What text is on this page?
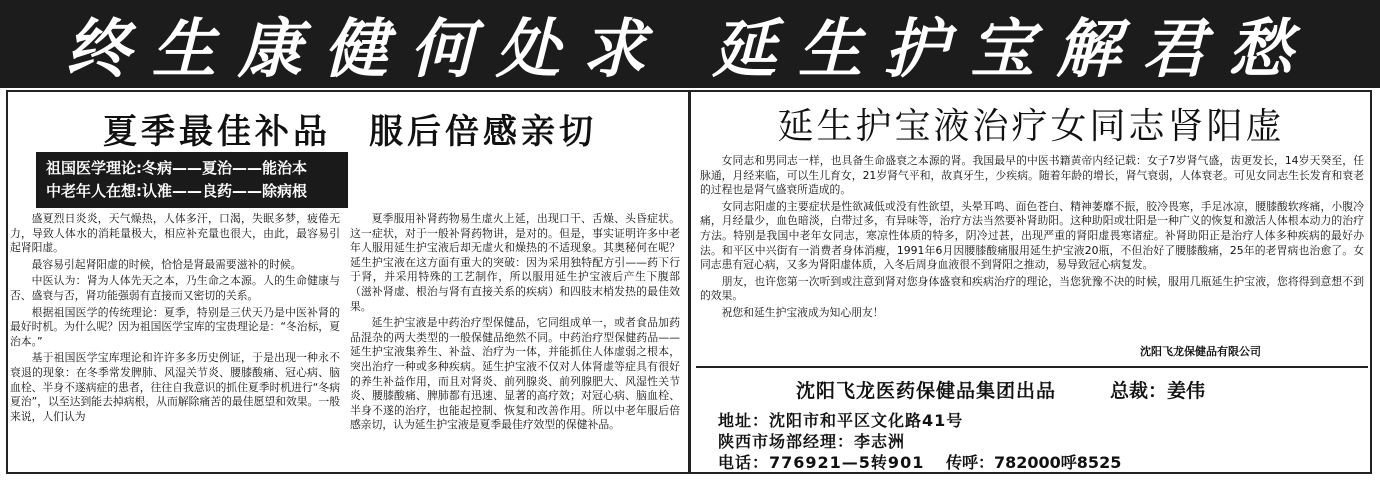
终生康健何处求 延生护宝解君愁
夏季最佳补品　服后倍感亲切
祖国医学理论:冬病——夏治——能治本
中老年人在想:认准——良药——除病根

盛夏烈日炎炎，天气燥热，人体多汗，口渴，失眠多梦，疲倦无力，导致人体水的消耗量极大，相应补充量也很大，由此，最容易引起肾阳虚。

最容易引起肾阳虚的时候，恰恰是肾最需要滋补的时候。

中医认为：肾为人体先天之本，乃生命之本源。人的生命健康与否、盛衰与否，肾功能强弱有直接而又密切的关系。

根据祖国医学的传统理论：夏季，特别是三伏天乃是中医补肾的最好时机。为什么呢？因为祖国医学宝库的宝贵理论是：“冬治标，夏治本。”

基于祖国医学宝库理论和许许多多历史例证，于是出现一种永不衰退的现象：在冬季常发脾肺、风湿关节炎、腰膝酸痛、冠心病、脑血栓、半身不遂病症的患者，往往自我意识的抓住夏季时机进行“冬病夏治”，以至达到能去掉病根，从而解除痛苦的最佳愿望和效果。一般来说，人们认为

夏季服用补肾药物易生虚火上延，出现口干、舌燥、头昏症状。这一症状，对于一般补肾药物讲，是对的。但是，事实证明许多中老年人服用延生护宝液后却无虚火和燥热的不适现象。其奥秘何在呢？延生护宝液在这方面有重大的突破：因为采用独特配方引——药下行于肾，并采用特殊的工艺制作，所以服用延生护宝液后产生下腹部（滋补肾虚、根治与肾有直接关系的疾病）和四肢末梢发热的最佳效果。

延生护宝液是中药治疗型保健品，它同组成单一，或者食品加药品混杂的两大类型的一般保健品绝然不同。中药治疗型保健药品——延生护宝液集养生、补益、治疗为一体，并能抓住人体虚弱之根本，突出治疗一种或多种疾病。延生护宝液不仅对人体肾虚等症具有很好的养生补益作用，而且对肾炎、前列腺炎、前列腺肥大、风湿性关节炎、腰膝酸痛、脾肺都有迅速、显著的高疗效；对冠心病、脑血栓、半身不遂的治疗，也能起控制、恢复和改善作用。所以中老年服后倍感亲切，认为延生护宝液是夏季最佳疗效型的保健补品。

延生护宝液治疗女同志肾阳虚

女同志和男同志一样，也具备生命盛衰之本源的肾。我国最早的中医书籍黄帝内经记载：女子7岁肾气盛，齿更发长，14岁天癸至，任脉通，月经来临，可以生儿育女，21岁肾气平和，故真牙生，少疾病。随着年龄的增长，肾气衰弱，人体衰老。可见女同志生长发育和衰老的过程也是肾气盛衰所造成的。

女同志阳虚的主要症状是性欲减低或没有性欲望，头晕耳鸣、面色苍白、精神萎靡不振，胶冷畏寒，手足冰凉，腰膝酸软疼痛，小腹冷痛，月经量少，血色暗淡，白带过多，有异味等，治疗方法当然要补肾助阳。这种助阳或壮阳是一种广义的恢复和激活人体根本动力的治疗方法。特别是我国中老年女同志，寒凉性体质的特多，阴冷过甚，出现严重的肾阳虚畏寒诸症。补肾助阳正是治疗人体多种疾病的最好办法。和平区中兴街有一消费者身体消瘦，1991年6月因腰膝酸痛服用延生护宝液20瓶，不但治好了腰膝酸痛，25年的老胃病也治愈了。女同志患有冠心病，又多为肾阳虚体质，入冬后周身血液很不到肾阳之推动，易导致冠心病复发。

朋友，也许您第一次听到或注意到肾对您身体盛衰和疾病治疗的理论，当您犹豫不决的时候，服用几瓶延生护宝液，您将得到意想不到的效果。

祝您和延生护宝液成为知心朋友！

沈阳飞龙保健品有限公司
沈阳飞龙医药保健品集团出品	总裁：姜伟
地址：沈阳市和平区文化路41号
陕西市场部经理：李志洲
电话：776921—5转901 传呼：782000呼8525
